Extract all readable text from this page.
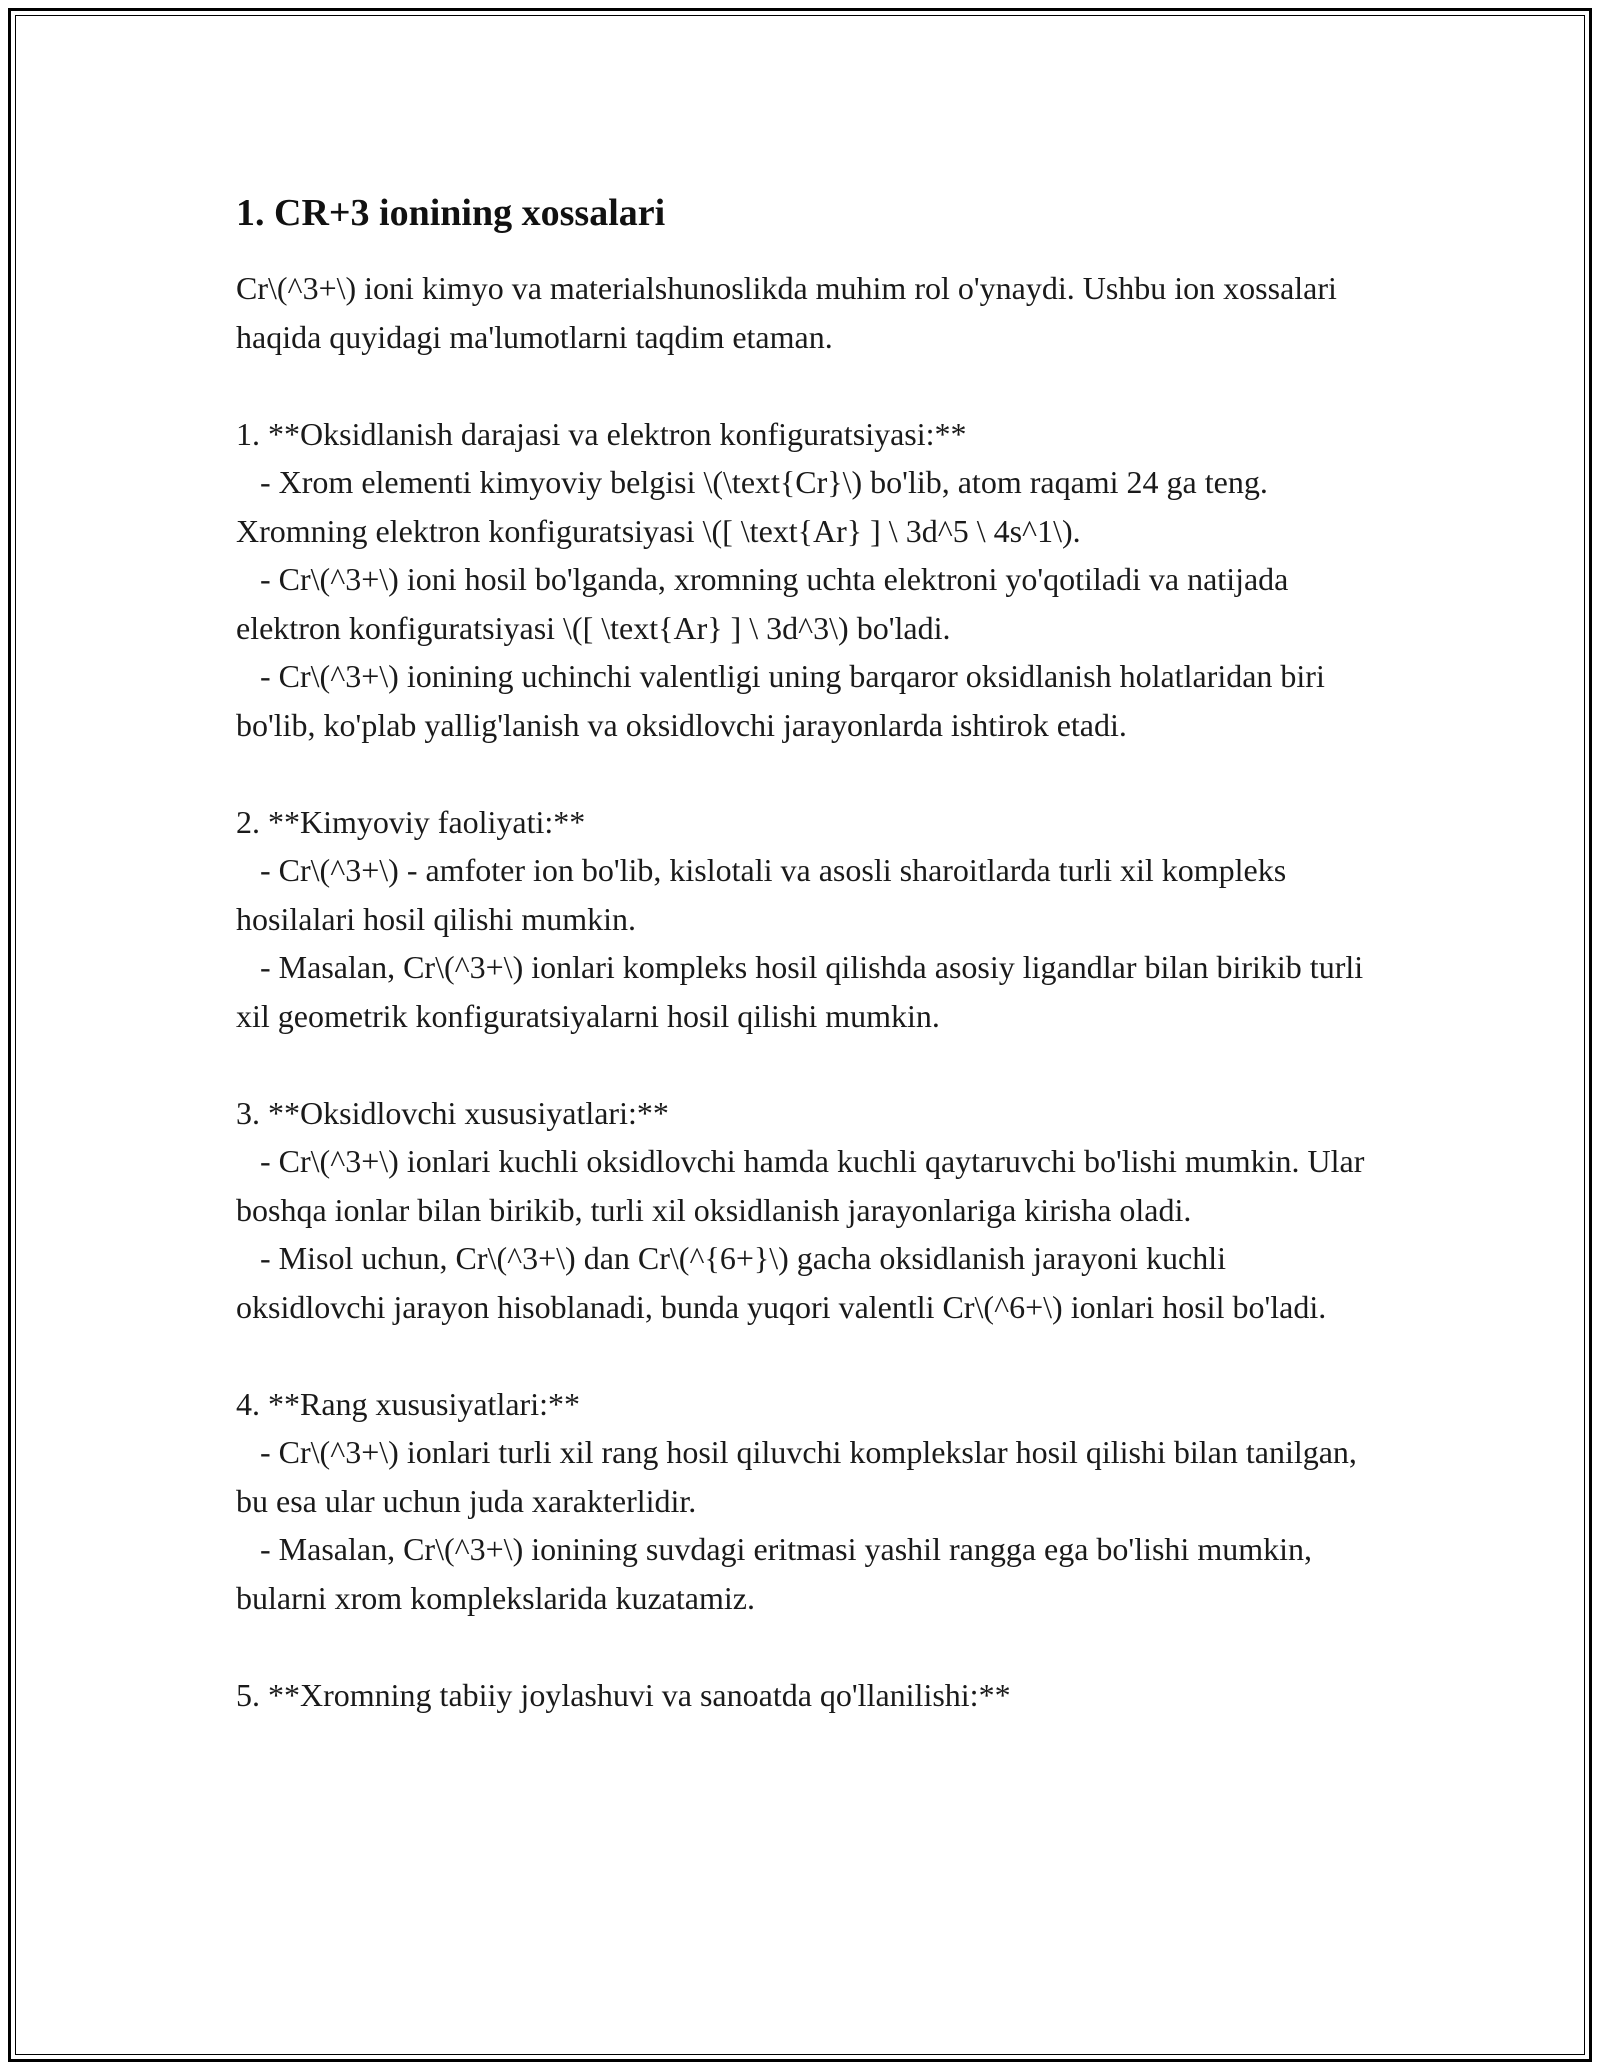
1. CR+3 ionining xossalari

Cr\(^3+\) ioni kimyo va materialshunoslikda muhim rol o'ynaydi. Ushbu ion xossalari haqida quyidagi ma'lumotlarni taqdim etaman.

1. **Oksidlanish darajasi va elektron konfiguratsiyasi:**

- Xrom elementi kimyoviy belgisi \(\text{Cr}\) bo'lib, atom raqami 24 ga teng. Xromning elektron konfiguratsiyasi \([ \text{Ar} ] \ 3d^5 \ 4s^1\).

- Cr\(^3+\) ioni hosil bo'lganda, xromning uchta elektroni yo'qotiladi va natijada elektron konfiguratsiyasi \([ \text{Ar} ] \ 3d^3\) bo'ladi.

- Cr\(^3+\) ionining uchinchi valentligi uning barqaror oksidlanish holatlaridan biri bo'lib, ko'plab yallig'lanish va oksidlovchi jarayonlarda ishtirok etadi.

2. **Kimyoviy faoliyati:**

- Cr\(^3+\) - amfoter ion bo'lib, kislotali va asosli sharoitlarda turli xil kompleks hosilalari hosil qilishi mumkin.

- Masalan, Cr\(^3+\) ionlari kompleks hosil qilishda asosiy ligandlar bilan birikib turli xil geometrik konfiguratsiyalarni hosil qilishi mumkin.

3. **Oksidlovchi xususiyatlari:**

- Cr\(^3+\) ionlari kuchli oksidlovchi hamda kuchli qaytaruvchi bo'lishi mumkin. Ular boshqa ionlar bilan birikib, turli xil oksidlanish jarayonlariga kirisha oladi.

- Misol uchun, Cr\(^3+\) dan Cr\(^{6+}\) gacha oksidlanish jarayoni kuchli oksidlovchi jarayon hisoblanadi, bunda yuqori valentli Cr\(^6+\) ionlari hosil bo'ladi.

4. **Rang xususiyatlari:**

- Cr\(^3+\) ionlari turli xil rang hosil qiluvchi komplekslar hosil qilishi bilan tanilgan, bu esa ular uchun juda xarakterlidir.

- Masalan, Cr\(^3+\) ionining suvdagi eritmasi yashil rangga ega bo'lishi mumkin, bularni xrom komplekslarida kuzatamiz.

5. **Xromning tabiiy joylashuvi va sanoatda qo'llanilishi:**
